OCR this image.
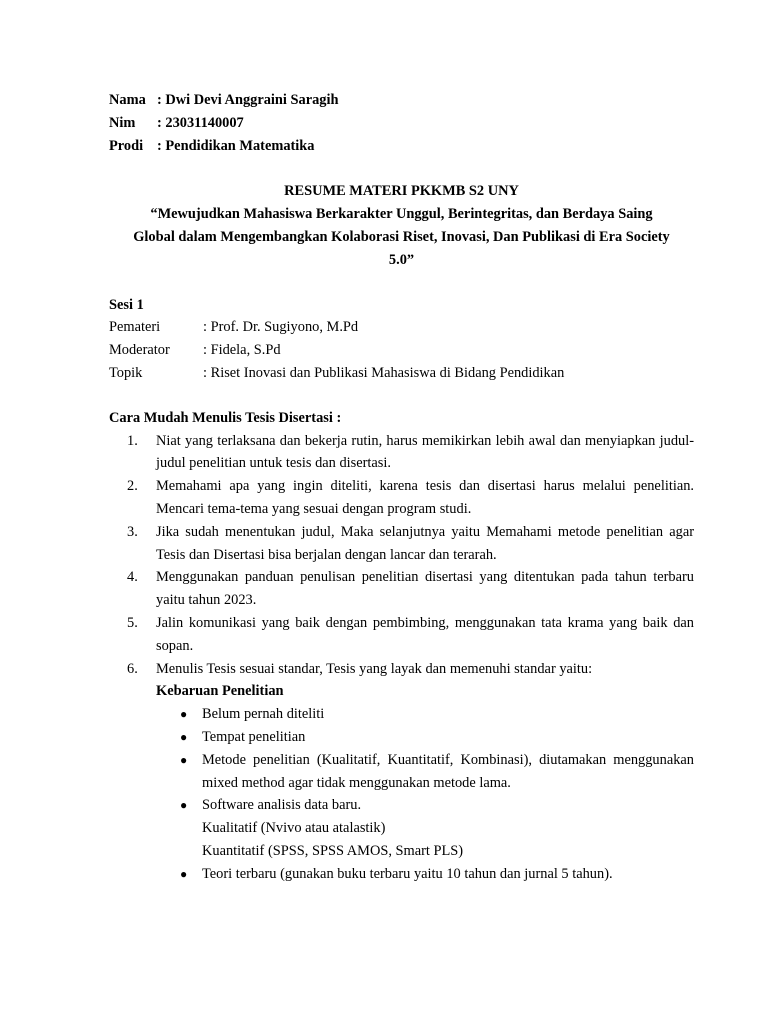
Nama : Dwi Devi Anggraini Saragih
Nim	: 23031140007
Prodi : Pendidikan Matematika
RESUME MATERI PKKMB S2 UNY
“Mewujudkan Mahasiswa Berkarakter Unggul, Berintegritas, dan Berdaya Saing
Global dalam Mengembangkan Kolaborasi Riset, Inovasi, Dan Publikasi di Era Society
5.0”
Sesi 1
Pemateri	: Prof. Dr. Sugiyono, M.Pd
Moderator	: Fidela, S.Pd
Topik	: Riset Inovasi dan Publikasi Mahasiswa di Bidang Pendidikan
Cara Mudah Menulis Tesis Disertasi :
1.	Niat yang terlaksana dan bekerja rutin, harus memikirkan lebih awal dan menyiapkan judul-judul penelitian untuk tesis dan disertasi.
2.	Memahami apa yang ingin diteliti, karena tesis dan disertasi harus melalui penelitian. Mencari tema-tema yang sesuai dengan program studi.
3.	Jika sudah menentukan judul, Maka selanjutnya yaitu Memahami metode penelitian agar Tesis dan Disertasi bisa berjalan dengan lancar dan terarah.
4.	Menggunakan panduan penulisan penelitian disertasi yang ditentukan pada tahun terbaru yaitu tahun 2023.
5.	Jalin komunikasi yang baik dengan pembimbing, menggunakan tata krama yang baik dan sopan.
6.	Menulis Tesis sesuai standar, Tesis yang layak dan memenuhi standar yaitu:
Kebaruan Penelitian
●	Belum pernah diteliti
●	Tempat penelitian
●	Metode penelitian (Kualitatif, Kuantitatif, Kombinasi), diutamakan menggunakan mixed method agar tidak menggunakan metode lama.
●	Software analisis data baru.
Kualitatif (Nvivo atau atalastik)
Kuantitatif (SPSS, SPSS AMOS, Smart PLS)
●	Teori terbaru (gunakan buku terbaru yaitu 10 tahun dan jurnal 5 tahun).
